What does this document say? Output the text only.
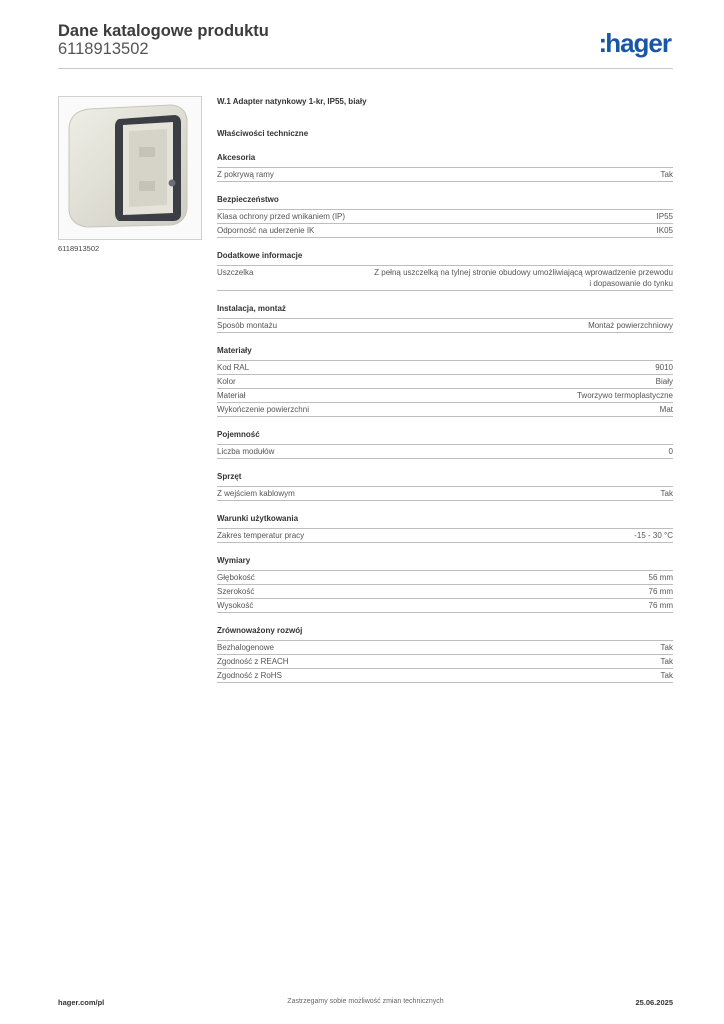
Dane katalogowe produktu
6118913502	:hager
6118913502
W.1 Adapter natynkowy 1-kr, IP55, biały
Właściwości techniczne
Akcesoria
Z pokrywą ramy	Tak
Bezpieczeństwo
Klasa ochrony przed wnikaniem (IP)	IP55
Odporność na uderzenie IK	IK05
Dodatkowe informacje
Uszczelka	Z pełną uszczelką na tylnej stronie obudowy umożliwiającą wprowadzenie przewodu i dopasowanie do tynku
Instalacja, montaż
Sposób montażu	Montaż powierzchniowy
Materiały
Kod RAL	9010
Kolor	Biały
Materiał	Tworzywo termoplastyczne
Wykończenie powierzchni	Mat
Pojemność
Liczba modułów	0
Sprzęt
Z wejściem kablowym	Tak
Warunki użytkowania
Zakres temperatur pracy	-15 - 30 °C
Wymiary
Głębokość	56 mm
Szerokość	76 mm
Wysokość	76 mm
Zrównoważony rozwój
Bezhalogenowe	Tak
Zgodność z REACH	Tak
Zgodność z RoHS	Tak
hager.com/pl	Zastrzegamy sobie możliwość zmian technicznych	25.06.2025
